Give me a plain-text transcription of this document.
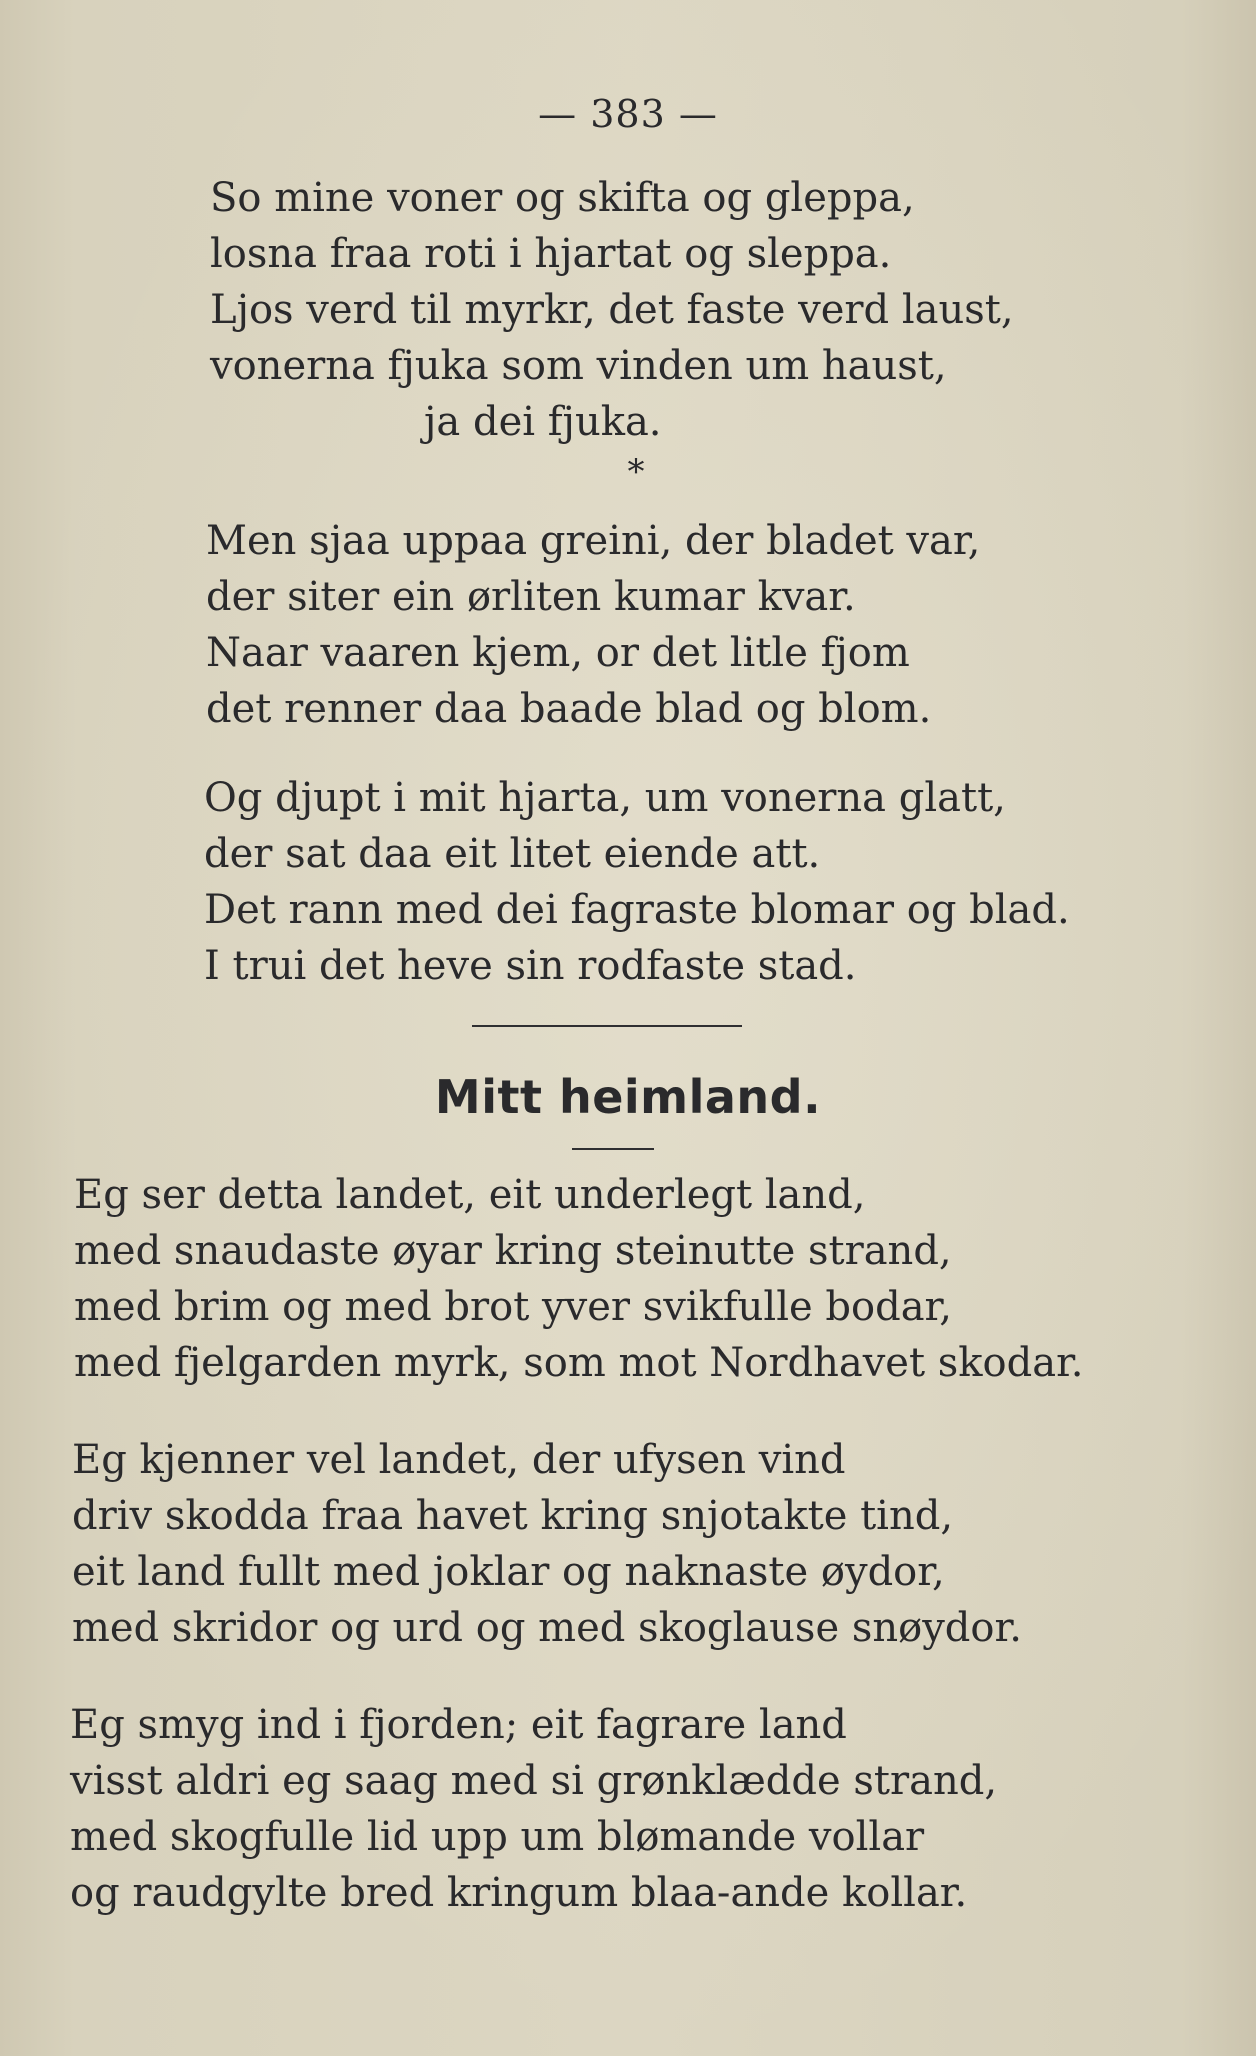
— 383 —
So mine voner og skifta og gleppa,
losna fraa roti i hjartat og sleppa.
Ljos verd til myrkr, det faste verd laust,
vonerna fjuka som vinden um haust,
ja dei fjuka.
*
Men sjaa uppaa greini, der bladet var,
der siter ein ørliten kumar kvar.
Naar vaaren kjem, or det litle fjom
det renner daa baade blad og blom.
Og djupt i mit hjarta, um vonerna glatt,
der sat daa eit litet eiende att.
Det rann med dei fagraste blomar og blad.
I trui det heve sin rodfaste stad.
Mitt heimland.
Eg ser detta landet, eit underlegt land,
med snaudaste øyar kring steinutte strand,
med brim og med brot yver svikfulle bodar,
med fjelgarden myrk, som mot Nordhavet skodar.
Eg kjenner vel landet, der ufysen vind
driv skodda fraa havet kring snjotakte tind,
eit land fullt med joklar og naknaste øydor,
med skridor og urd og med skoglause snøydor.
Eg smyg ind i fjorden; eit fagrare land
visst aldri eg saag med si grønklædde strand,
med skogfulle lid upp um blømande vollar
og raudgylte bred kringum blaa-ande kollar.
